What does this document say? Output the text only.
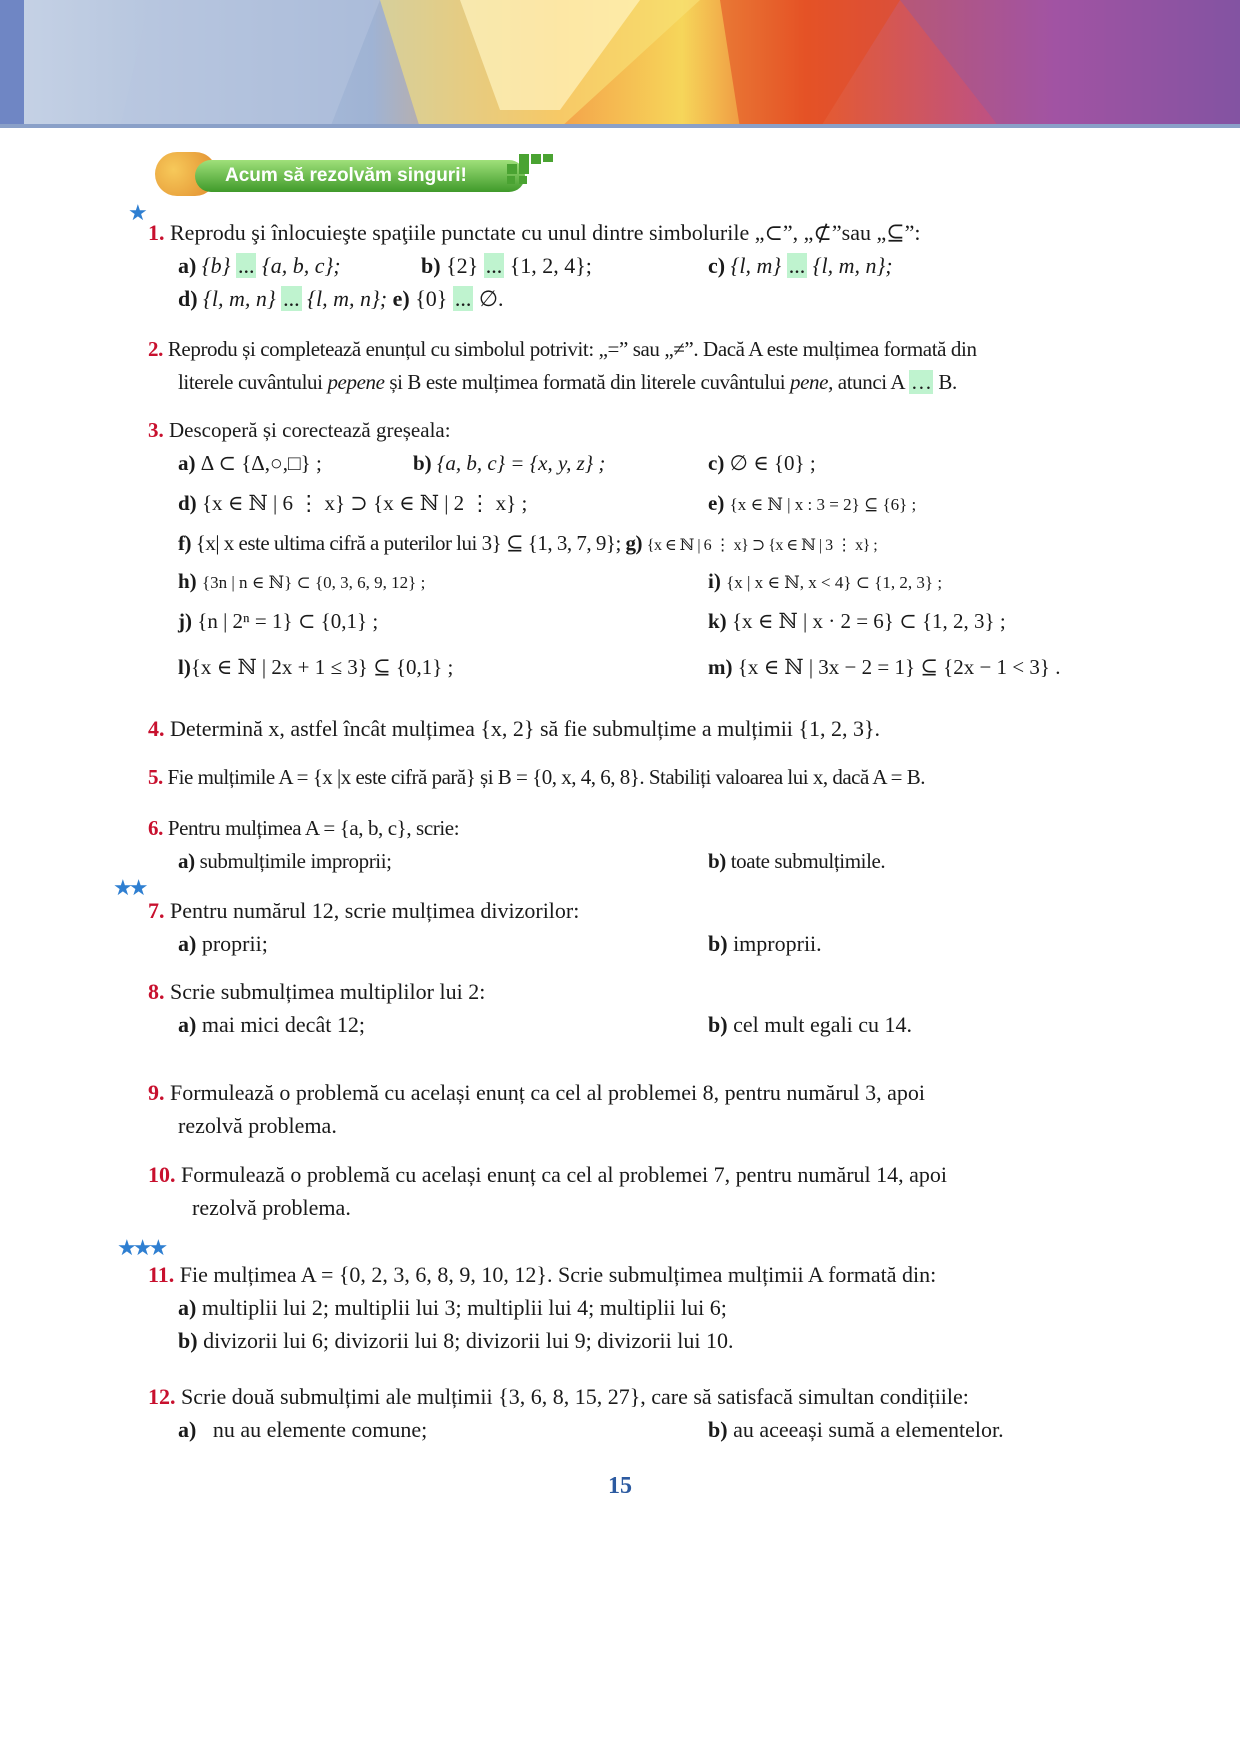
Acum să rezolvăm singuri!
★
1. Reprodu şi înlocuieşte spaţiile punctate cu unul dintre simbolurile „⊂”, „⊄”sau „⊆”:
a) {b} ... {a, b, c};	b) {2} ... {1, 2, 4};	c) {l, m} ... {l, m, n};
d) {l, m, n} ... {l, m, n}; e) {0} ... ∅.
2. Reprodu și completează enunțul cu simbolul potrivit: „=” sau „≠”. Dacă A este mulțimea formată din
literele cuvântului pepene și B este mulțimea formată din literele cuvântului pene, atunci A … B.
3. Descoperă și corectează greșeala:
a) Δ ⊂ {Δ,○,□} ;	b) {a, b, c} = {x, y, z} ;	c) ∅ ∈ {0} ;
d) {x ∈ ℕ | 6 ⋮ x} ⊃ {x ∈ ℕ | 2 ⋮ x} ;	e) {x ∈ ℕ | x : 3 = 2} ⊆ {6} ;
f) {x| x este ultima cifră a puterilor lui 3} ⊆ {1, 3, 7, 9}; g) {x ∈ ℕ | 6 ⋮ x} ⊃ {x ∈ ℕ | 3 ⋮ x} ;
h) {3n | n ∈ ℕ} ⊂ {0, 3, 6, 9, 12} ;	i) {x | x ∈ ℕ, x < 4} ⊂ {1, 2, 3} ;
j) {n | 2ⁿ = 1} ⊂ {0,1} ;	k) {x ∈ ℕ | x · 2 = 6} ⊂ {1, 2, 3} ;
l){x ∈ ℕ | 2x + 1 ≤ 3} ⊆ {0,1} ;	m) {x ∈ ℕ | 3x − 2 = 1} ⊆ {2x − 1 < 3} .
4. Determină x, astfel încât mulțimea {x, 2} să fie submulțime a mulțimii {1, 2, 3}.
5. Fie mulțimile A = {x |x este cifră pară} și B = {0, x, 4, 6, 8}. Stabiliți valoarea lui x, dacă A = B.
6. Pentru mulțimea A = {a, b, c}, scrie:
a) submulțimile improprii;	b) toate submulțimile.
★★
7. Pentru numărul 12, scrie mulțimea divizorilor:
a) proprii;	b) improprii.
8. Scrie submulțimea multiplilor lui 2:
a) mai mici decât 12;	b) cel mult egali cu 14.
9. Formulează o problemă cu același enunț ca cel al problemei 8, pentru numărul 3, apoi
rezolvă problema.
10. Formulează o problemă cu același enunț ca cel al problemei 7, pentru numărul 14, apoi
rezolvă problema.
★★★
11. Fie mulțimea A = {0, 2, 3, 6, 8, 9, 10, 12}. Scrie submulțimea mulțimii A formată din:
a) multiplii lui 2; multiplii lui 3; multiplii lui 4; multiplii lui 6;
b) divizorii lui 6; divizorii lui 8; divizorii lui 9; divizorii lui 10.
12. Scrie două submulțimi ale mulțimii {3, 6, 8, 15, 27}, care să satisfacă simultan condițiile:
a) nu au elemente comune;	b) au aceeași sumă a elementelor.
15
